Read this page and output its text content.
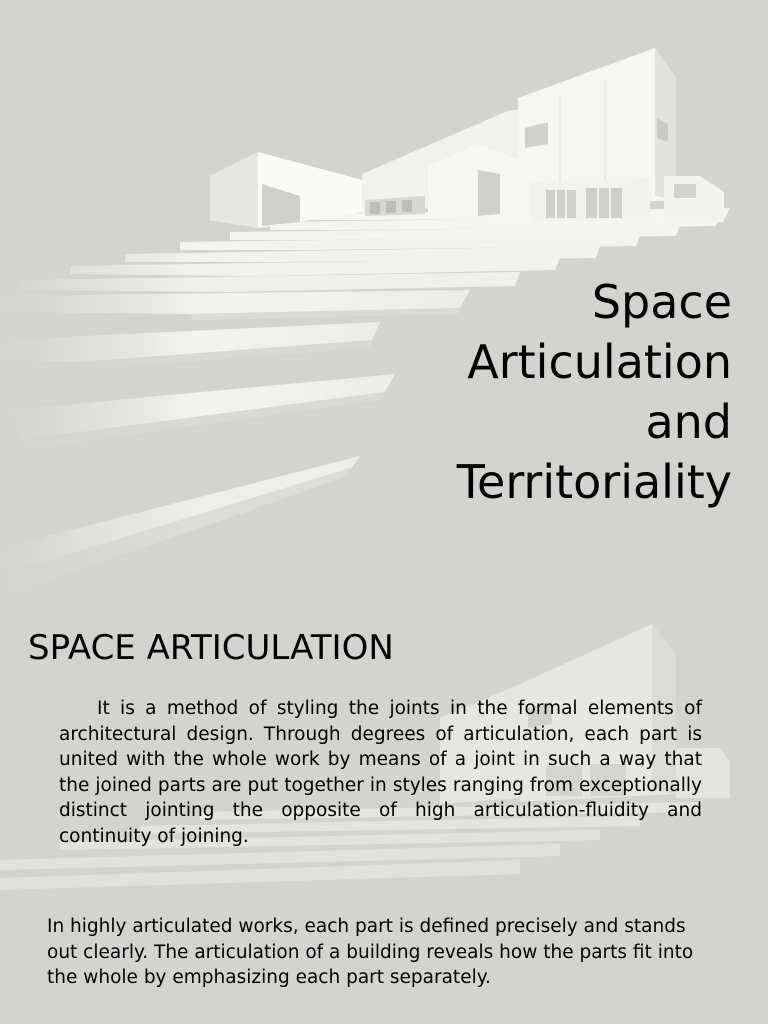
Space
Articulation
and
Territoriality
SPACE ARTICULATION

It is a method of styling the joints in the formal elements of architectural design. Through degrees of articulation, each part is united with the whole work by means of a joint in such a way that the joined parts are put together in styles ranging from exceptionally distinct jointing the opposite of high articulation-fluidity and continuity of joining.

In highly articulated works, each part is defined precisely and stands out clearly. The articulation of a building reveals how the parts fit into the whole by emphasizing each part separately.
